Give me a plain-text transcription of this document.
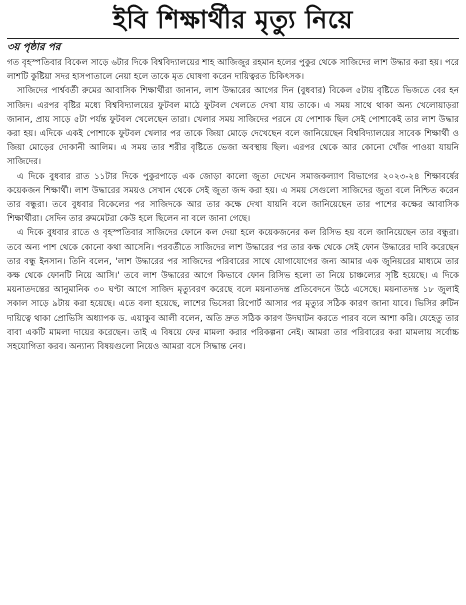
ইবি শিক্ষার্থীর মৃত্যু নিয়ে
৩য় পৃষ্ঠার পর

গত বৃহস্পতিবার বিকেল সাড়ে ৬টার দিকে বিশ্ববিদ্যালয়ের শাহ আজিজুর রহমান হলের পুকুর থেকে সাজিদের লাশ উদ্ধার করা হয়। পরে লাশটি কুষ্টিয়া সদর হাসপাতালে নেয়া হলে তাকে মৃত ঘোষণা করেন দায়িত্বরত চিকিৎসক।

সাজিদের পার্শ্ববর্তী রুমের আবাসিক শিক্ষার্থীরা জানান, লাশ উদ্ধারের আগের দিন (বুধবার) বিকেল ৫টায় বৃষ্টিতে ভিজতে বের হন সাজিদ। এরপর বৃষ্টির মধ্যে বিশ্ববিদ্যালয়ের ফুটবল মাঠে ফুটবল খেলতে দেখা যায় তাকে। এ সময় সাথে থাকা অন্য খেলোয়াড়রা জানান, প্রায় সাড়ে ৫টা পর্যন্ত ফুটবল খেলেছেন তারা। খেলার সময় সাজিদের পরনে যে পোশাক ছিল সেই পোশাকেই তার লাশ উদ্ধার করা হয়। এদিকে একই পোশাকে ফুটবল খেলার পর তাকে জিয়া মোড়ে দেখেছেন বলে জানিয়েছেন বিশ্ববিদ্যালয়ের সাবেক শিক্ষার্থী ও জিয়া মোড়ের দোকানী আলিম। এ সময় তার শরীর বৃষ্টিতে ভেজা অবস্থায় ছিল। এরপর থেকে আর কোনো খোঁজ পাওয়া যায়নি সাজিদের।

এ দিকে বুধবার রাত ১১টার দিকে পুকুরপাড়ে এক জোড়া কালো জুতা দেখেন সমাজকল্যাণ বিভাগের ২০২৩-২৪ শিক্ষাবর্ষের কয়েকজন শিক্ষার্থী। লাশ উদ্ধারের সময়ও সেখান থেকে সেই জুতা জব্দ করা হয়। এ সময় সেগুলো সাজিদের জুতা বলে নিশ্চিত করেন তার বন্ধুরা। তবে বুধবার বিকেলের পর সাজিদকে আর তার কক্ষে দেখা যায়নি বলে জানিয়েছেন তার পাশের কক্ষের আবাসিক শিক্ষার্থীরা। সেদিন তার রুমমেটরা কেউ হলে ছিলেন না বলে জানা গেছে।

এ দিকে বুধবার রাতে ও বৃহস্পতিবার সাজিদের ফোনে কল দেয়া হলে কয়েকজনের কল রিসিভ হয় বলে জানিয়েছেন তার বন্ধুরা। তবে অন্য পাশ থেকে কোনো কথা আসেনি। পরবর্তীতে সাজিদের লাশ উদ্ধারের পর তার কক্ষ থেকে সেই ফোন উদ্ধারের দাবি করেছেন তার বন্ধু ইনসান। তিনি বলেন, 'লাশ উদ্ধারের পর সাজিদের পরিবারের সাথে যোগাযোগের জন্য আমার এক জুনিয়রের মাধ্যমে তার কক্ষ থেকে ফোনটি নিয়ে আসি।' তবে লাশ উদ্ধারের আগে কিভাবে ফোন রিসিভ হলো তা নিয়ে চাঞ্চল্যের সৃষ্টি হয়েছে। এ দিকে ময়নাতদন্তের আনুমানিক ৩০ ঘণ্টা আগে সাজিদ মৃত্যুবরণ করেছে বলে ময়নাতদন্ত প্রতিবেদনে উঠে এসেছে। ময়নাতদন্ত ১৮ জুলাই সকাল সাড়ে ৯টায় করা হয়েছে। এতে বলা হয়েছে, লাশের ভিসেরা রিপোর্ট আসার পর মৃত্যুর সঠিক কারণ জানা যাবে। ভিসির রুটিন দায়িত্বে থাকা প্রোভিসি অধ্যাপক ড. এয়াকুব আলী বলেন, অতি দ্রুত সঠিক কারণ উদঘাটন করতে পারব বলে আশা করি। যেহেতু তার বাবা একটি মামলা দায়ের করেছেন। তাই এ বিষয়ে ফের মামলা করার পরিকল্পনা নেই। আমরা তার পরিবারের করা মামলায় সর্বোচ্চ সহযোগিতা করব। অন্যান্য বিষয়গুলো নিয়েও আমরা বসে সিদ্ধান্ত নেব।
